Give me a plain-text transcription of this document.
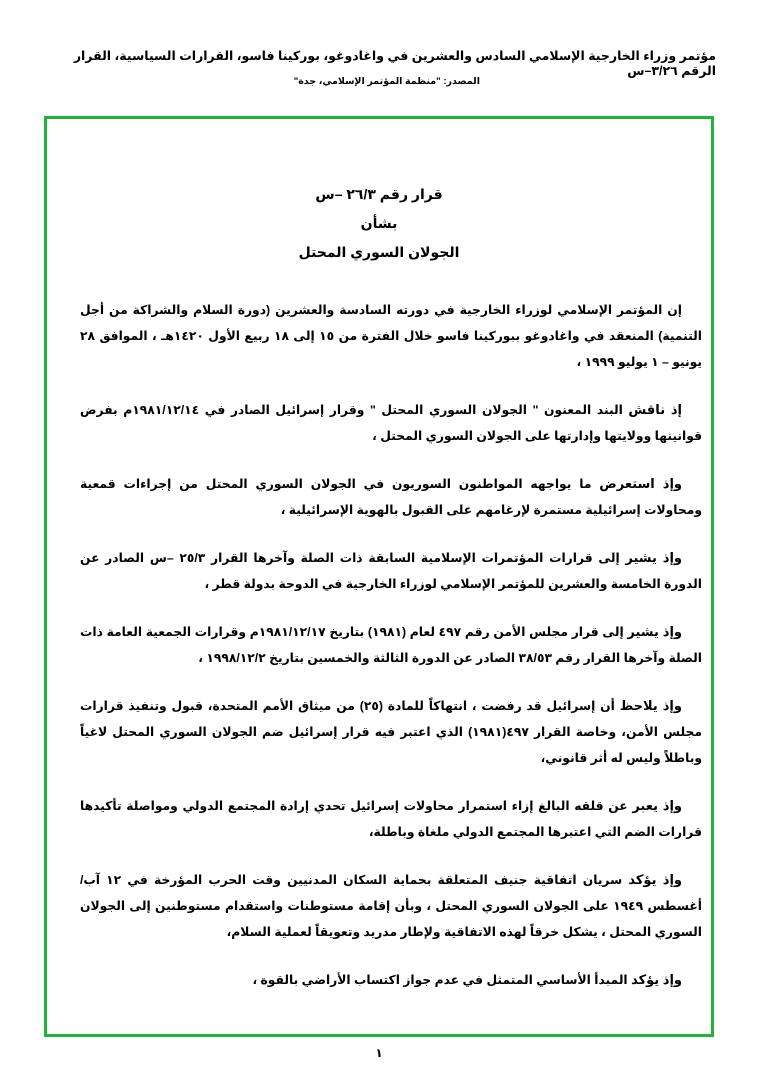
مؤتمر وزراء الخارجية الإسلامي السادس والعشرين في واغادوغو، بوركينا فاسو، القرارات السياسية، القرار الرقم ٣/٢٦–س
المصدر: "منظمة المؤتمر الإسلامي، جدة"
قرار رقم ٢٦/٣ –س
بشأن
الجولان السوري المحتل

إن المؤتمر الإسلامي لوزراء الخارجية في دورته السادسة والعشرين (دورة السلام والشراكة من أجل التنمية) المنعقد في واغادوغو ببوركينا فاسو خلال الفترة من ١٥ إلى ١٨ ربيع الأول ١٤٢٠هـ ، الموافق ٢٨ يونيو – ١ يوليو ١٩٩٩ ،

إذ ناقش البند المعنون " الجولان السوري المحتل " وقرار إسرائيل الصادر في ١٩٨١/١٢/١٤م بفرض قوانينها وولايتها وإدارتها على الجولان السوري المحتل ،

وإذ استعرض ما يواجهه المواطنون السوريون في الجولان السوري المحتل من إجراءات قمعية ومحاولات إسرائيلية مستمرة لإرغامهم على القبول بالهوية الإسرائيلية ،

وإذ يشير إلى قرارات المؤتمرات الإسلامية السابقة ذات الصلة وآخرها القرار ٢٥/٣ –س الصادر عن الدورة الخامسة والعشرين للمؤتمر الإسلامي لوزراء الخارجية في الدوحة بدولة قطر ،

وإذ يشير إلى قرار مجلس الأمن رقم ٤٩٧ لعام (١٩٨١) بتاريخ ١٩٨١/١٢/١٧م وقرارات الجمعية العامة ذات الصلة وآخرها القرار رقم ٣٨/٥٣ الصادر عن الدورة الثالثة والخمسين بتاريخ ١٩٩٨/١٢/٢ ،

وإذ يلاحظ أن إسرائيل قد رفضت ، انتهاكاً للمادة (٢٥) من ميثاق الأمم المتحدة، قبول وتنفيذ قرارات مجلس الأمن، وخاصة القرار ٤٩٧(١٩٨١) الذي اعتبر فيه قرار إسرائيل ضم الجولان السوري المحتل لاغياً وباطلاً وليس له أثر قانوني،

وإذ يعبر عن قلقه البالغ إزاء استمرار محاولات إسرائيل تحدي إرادة المجتمع الدولي ومواصلة تأكيدها قرارات الضم التي اعتبرها المجتمع الدولي ملغاة وباطلة،

وإذ يؤكد سريان اتفاقية جنيف المتعلقة بحماية السكان المدنيين وقت الحرب المؤرخة في ١٢ آب/ أغسطس ١٩٤٩ على الجولان السوري المحتل ، وبأن إقامة مستوطنات واستقدام مستوطنين إلى الجولان السوري المحتل ، يشكل خرقاً لهذه الاتفاقية ولإطار مدريد وتعويقاً لعملية السلام،

وإذ يؤكد المبدأ الأساسي المتمثل في عدم جواز اكتساب الأراضي بالقوة ،

١
